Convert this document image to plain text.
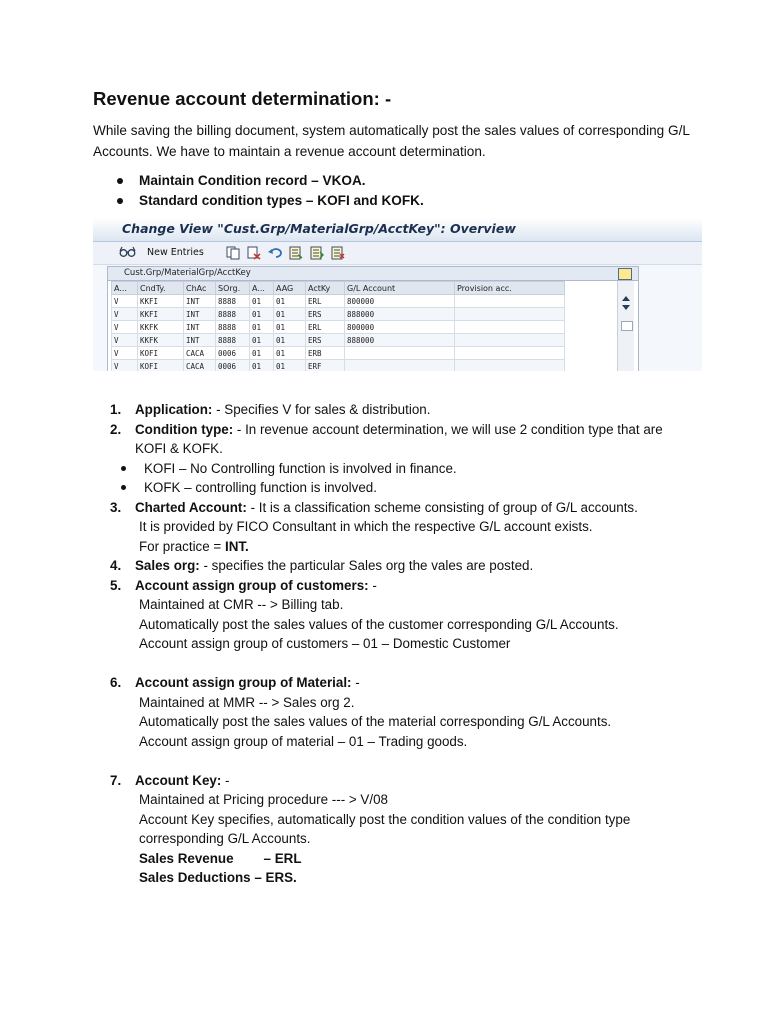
Revenue account determination: -

While saving the billing document, system automatically post the sales values of corresponding G/L Accounts. We have to maintain a revenue account determination.

Maintain Condition record – VKOA.
Standard condition types – KOFI and KOFK.
Change View "Cust.Grp/MaterialGrp/AcctKey": Overview
New Entries
Cust.Grp/MaterialGrp/AcctKey
A...	CndTy.	ChAc	SOrg.	A...	AAG	ActKy	G/L Account	Provision acc.
V	KKFI	INT	8888	01	01	ERL	800000	
V	KKFI	INT	8888	01	01	ERS	888000	
V	KKFK	INT	8888	01	01	ERL	800000	
V	KKFK	INT	8888	01	01	ERS	888000	
V	KOFI	CACA	0006	01	01	ERB		
V	KOFI	CACA	0006	01	01	ERF		
1. Application: - Specifies V for sales & distribution.
2. Condition type: - In revenue account determination, we will use 2 condition type that are KOFI & KOFK.
KOFI – No Controlling function is involved in finance.
KOFK – controlling function is involved.
3. Charted Account: - It is a classification scheme consisting of group of G/L accounts.
It is provided by FICO Consultant in which the respective G/L account exists.
For practice = INT.
4. Sales org: - specifies the particular Sales org the vales are posted.
5. Account assign group of customers: -
Maintained at CMR -- > Billing tab.
Automatically post the sales values of the customer corresponding G/L Accounts.
Account assign group of customers – 01 – Domestic Customer
6. Account assign group of Material: -
Maintained at MMR -- > Sales org 2.
Automatically post the sales values of the material corresponding G/L Accounts.
Account assign group of material – 01 – Trading goods.
7. Account Key: -
Maintained at Pricing procedure --- > V/08
Account Key specifies, automatically post the condition values of the condition type corresponding G/L Accounts.
Sales Revenue – ERL
Sales Deductions – ERS.
